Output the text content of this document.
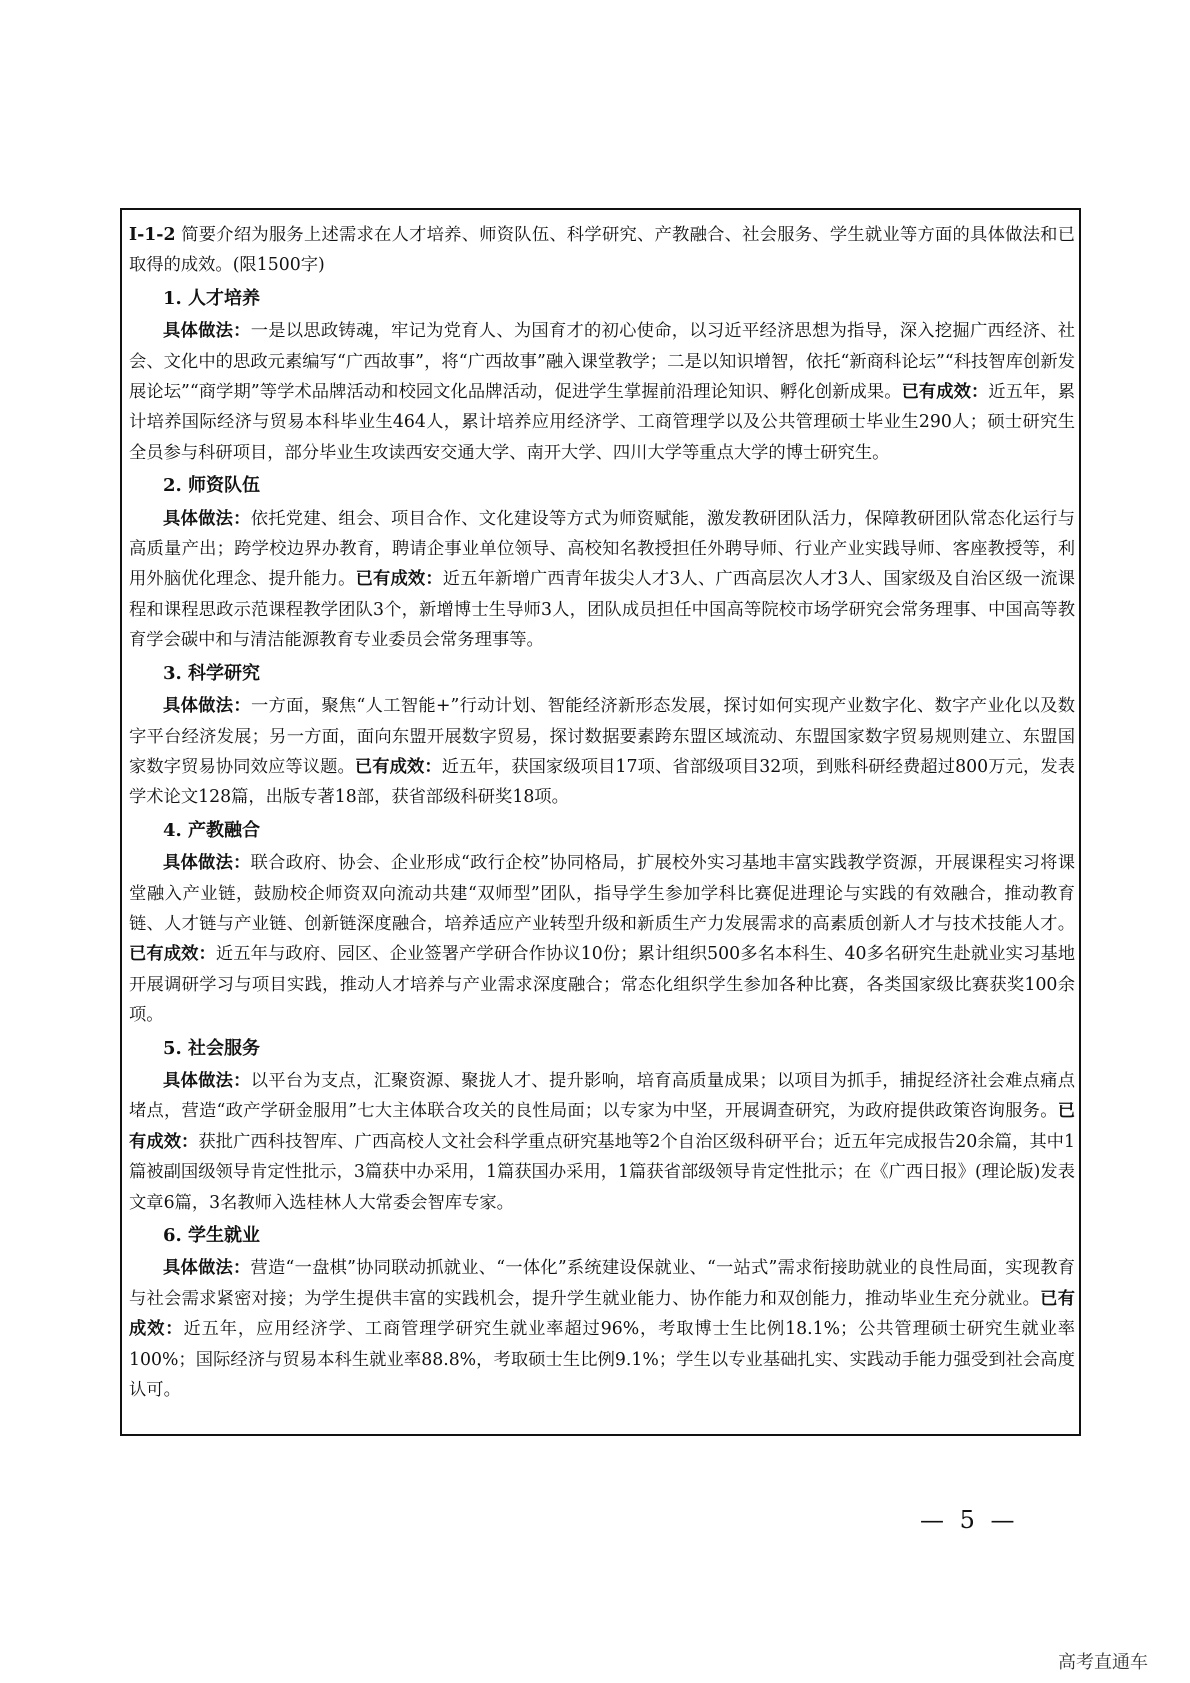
I-1-2 简要介绍为服务上述需求在人才培养、师资队伍、科学研究、产教融合、社会服务、学生就业等方面的具体做法和已取得的成效。(限1500字)

1. 人才培养

具体做法：一是以思政铸魂，牢记为党育人、为国育才的初心使命，以习近平经济思想为指导，深入挖掘广西经济、社会、文化中的思政元素编写“广西故事”，将“广西故事”融入课堂教学；二是以知识增智，依托“新商科论坛”“科技智库创新发展论坛”“商学期”等学术品牌活动和校园文化品牌活动，促进学生掌握前沿理论知识、孵化创新成果。已有成效：近五年，累计培养国际经济与贸易本科毕业生464人，累计培养应用经济学、工商管理学以及公共管理硕士毕业生290人；硕士研究生全员参与科研项目，部分毕业生攻读西安交通大学、南开大学、四川大学等重点大学的博士研究生。

2. 师资队伍

具体做法：依托党建、组会、项目合作、文化建设等方式为师资赋能，激发教研团队活力，保障教研团队常态化运行与高质量产出；跨学校边界办教育，聘请企事业单位领导、高校知名教授担任外聘导师、行业产业实践导师、客座教授等，利用外脑优化理念、提升能力。已有成效：近五年新增广西青年拔尖人才3人、广西高层次人才3人、国家级及自治区级一流课程和课程思政示范课程教学团队3个，新增博士生导师3人，团队成员担任中国高等院校市场学研究会常务理事、中国高等教育学会碳中和与清洁能源教育专业委员会常务理事等。

3. 科学研究

具体做法：一方面，聚焦“人工智能+”行动计划、智能经济新形态发展，探讨如何实现产业数字化、数字产业化以及数字平台经济发展；另一方面，面向东盟开展数字贸易，探讨数据要素跨东盟区域流动、东盟国家数字贸易规则建立、东盟国家数字贸易协同效应等议题。已有成效：近五年，获国家级项目17项、省部级项目32项，到账科研经费超过800万元，发表学术论文128篇，出版专著18部，获省部级科研奖18项。

4. 产教融合

具体做法：联合政府、协会、企业形成“政行企校”协同格局，扩展校外实习基地丰富实践教学资源，开展课程实习将课堂融入产业链，鼓励校企师资双向流动共建“双师型”团队，指导学生参加学科比赛促进理论与实践的有效融合，推动教育链、人才链与产业链、创新链深度融合，培养适应产业转型升级和新质生产力发展需求的高素质创新人才与技术技能人才。已有成效：近五年与政府、园区、企业签署产学研合作协议10份；累计组织500多名本科生、40多名研究生赴就业实习基地开展调研学习与项目实践，推动人才培养与产业需求深度融合；常态化组织学生参加各种比赛，各类国家级比赛获奖100余项。

5. 社会服务

具体做法：以平台为支点，汇聚资源、聚拢人才、提升影响，培育高质量成果；以项目为抓手，捕捉经济社会难点痛点堵点，营造“政产学研金服用”七大主体联合攻关的良性局面；以专家为中坚，开展调查研究，为政府提供政策咨询服务。已有成效：获批广西科技智库、广西高校人文社会科学重点研究基地等2个自治区级科研平台；近五年完成报告20余篇，其中1篇被副国级领导肯定性批示，3篇获中办采用，1篇获国办采用，1篇获省部级领导肯定性批示；在《广西日报》(理论版)发表文章6篇，3名教师入选桂林人大常委会智库专家。

6. 学生就业

具体做法：营造“一盘棋”协同联动抓就业、“一体化”系统建设保就业、“一站式”需求衔接助就业的良性局面，实现教育与社会需求紧密对接；为学生提供丰富的实践机会，提升学生就业能力、协作能力和双创能力，推动毕业生充分就业。已有成效：近五年，应用经济学、工商管理学研究生就业率超过96%，考取博士生比例18.1%；公共管理硕士研究生就业率100%；国际经济与贸易本科生就业率88.8%，考取硕士生比例9.1%；学生以专业基础扎实、实践动手能力强受到社会高度认可。

— 5 —
高考直通车
